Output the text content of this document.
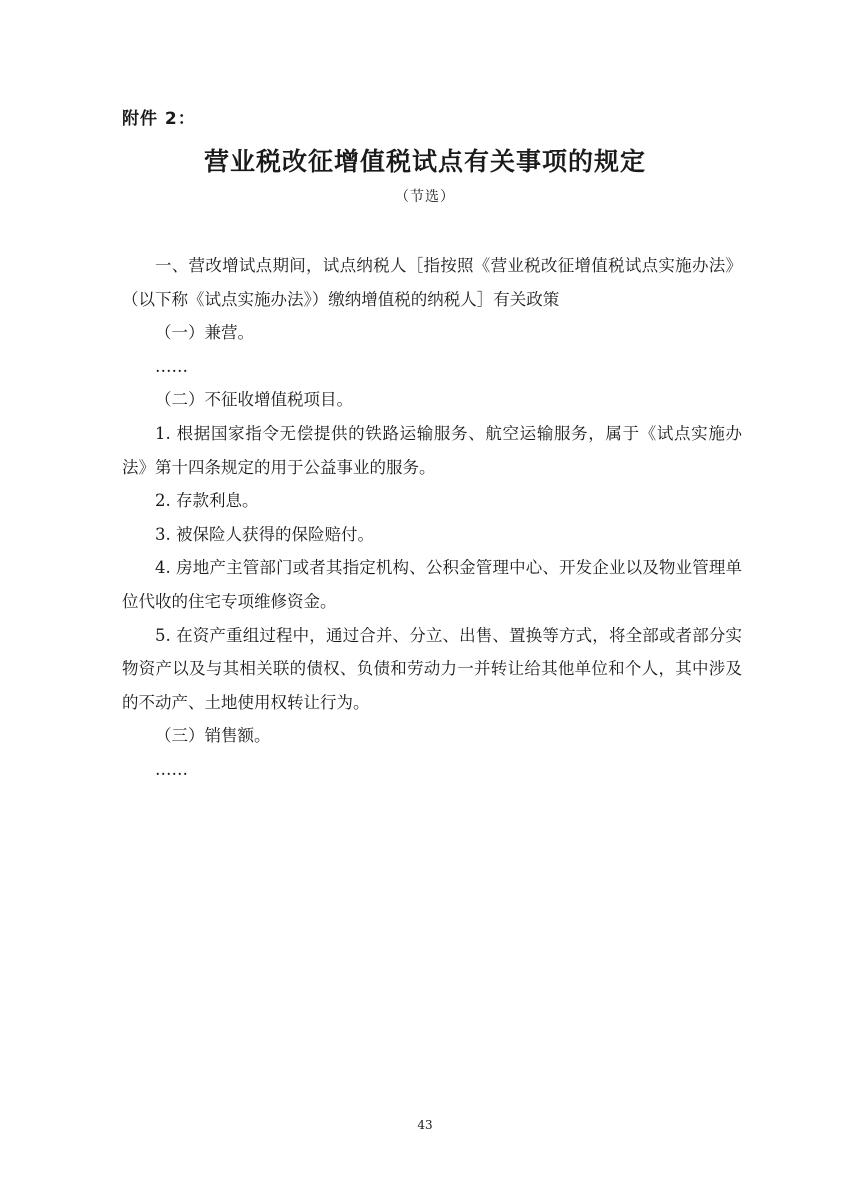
附件 2：
营业税改征增值税试点有关事项的规定
（节选）

一、营改增试点期间，试点纳税人［指按照《营业税改征增值税试点实施办法》（以下称《试点实施办法》）缴纳增值税的纳税人］有关政策

（一）兼营。

……

（二）不征收增值税项目。

1. 根据国家指令无偿提供的铁路运输服务、航空运输服务，属于《试点实施办法》第十四条规定的用于公益事业的服务。

2. 存款利息。

3. 被保险人获得的保险赔付。

4. 房地产主管部门或者其指定机构、公积金管理中心、开发企业以及物业管理单位代收的住宅专项维修资金。

5. 在资产重组过程中，通过合并、分立、出售、置换等方式，将全部或者部分实物资产以及与其相关联的债权、负债和劳动力一并转让给其他单位和个人，其中涉及的不动产、土地使用权转让行为。

（三）销售额。

……

43
